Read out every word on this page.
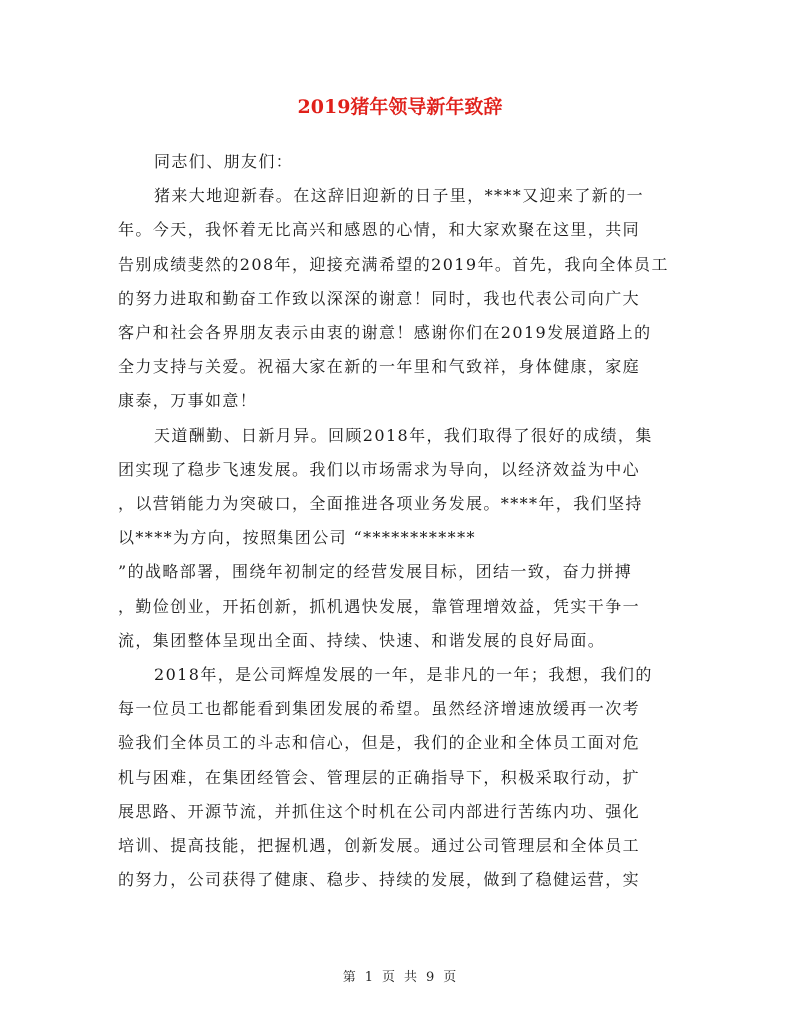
2019猪年领导新年致辞
同志们、朋友们：
猪来大地迎新春。在这辞旧迎新的日子里，****又迎来了新的一
年。今天，我怀着无比高兴和感恩的心情，和大家欢聚在这里，共同
告别成绩斐然的208年，迎接充满希望的2019年。首先，我向全体员工
的努力进取和勤奋工作致以深深的谢意！同时，我也代表公司向广大
客户和社会各界朋友表示由衷的谢意！感谢你们在2019发展道路上的
全力支持与关爱。祝福大家在新的一年里和气致祥，身体健康，家庭
康泰，万事如意！
天道酬勤、日新月异。回顾2018年，我们取得了很好的成绩，集
团实现了稳步飞速发展。我们以市场需求为导向，以经济效益为中心
，以营销能力为突破口，全面推进各项业务发展。****年，我们坚持
以****为方向，按照集团公司 “************
”的战略部署，围绕年初制定的经营发展目标，团结一致，奋力拼搏
，勤俭创业，开拓创新，抓机遇快发展，靠管理增效益，凭实干争一
流，集团整体呈现出全面、持续、快速、和谐发展的良好局面。
2018年，是公司辉煌发展的一年，是非凡的一年；我想，我们的
每一位员工也都能看到集团发展的希望。虽然经济增速放缓再一次考
验我们全体员工的斗志和信心，但是，我们的企业和全体员工面对危
机与困难，在集团经管会、管理层的正确指导下，积极采取行动，扩
展思路、开源节流，并抓住这个时机在公司内部进行苦练内功、强化
培训、提高技能，把握机遇，创新发展。通过公司管理层和全体员工
的努力，公司获得了健康、稳步、持续的发展，做到了稳健运营，实
第 1 页 共 9 页
